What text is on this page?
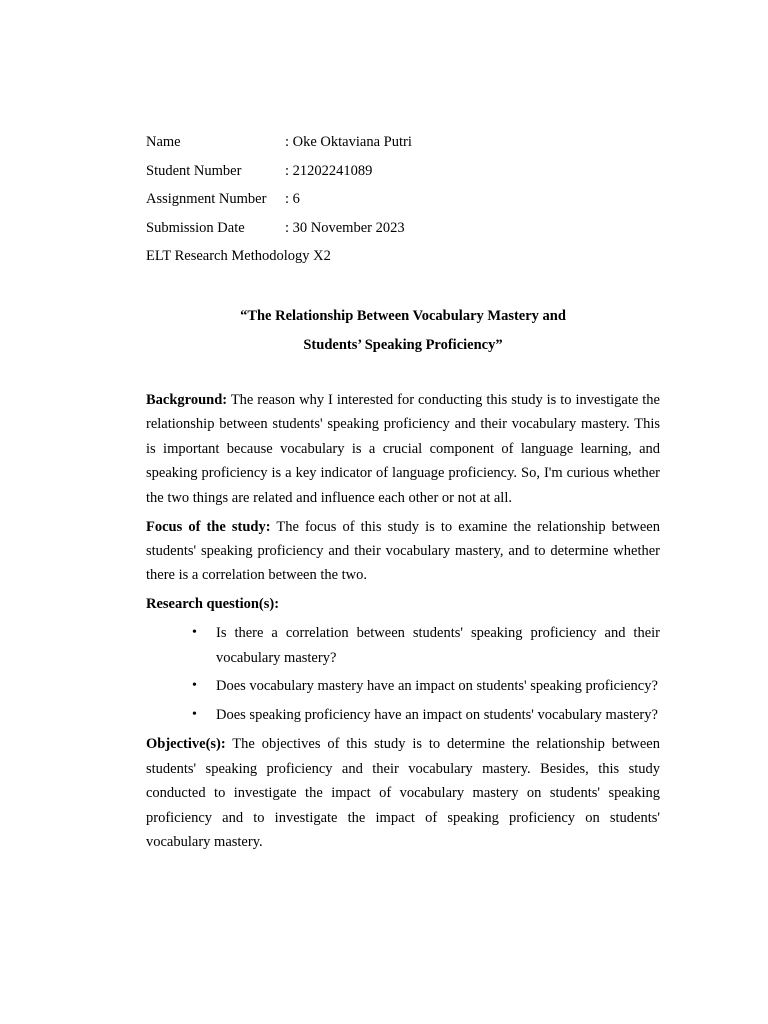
Name	: Oke Oktaviana Putri
Student Number	: 21202241089
Assignment Number	: 6
Submission Date	: 30 November 2023
ELT Research Methodology X2
“The Relationship Between Vocabulary Mastery and
Students’ Speaking Proficiency”

Background: The reason why I interested for conducting this study is to investigate the relationship between students' speaking proficiency and their vocabulary mastery. This is important because vocabulary is a crucial component of language learning, and speaking proficiency is a key indicator of language proficiency. So, I'm curious whether the two things are related and influence each other or not at all.

Focus of the study: The focus of this study is to examine the relationship between students' speaking proficiency and their vocabulary mastery, and to determine whether there is a correlation between the two.

Research question(s):
• Is there a correlation between students' speaking proficiency and their vocabulary mastery?
• Does vocabulary mastery have an impact on students' speaking proficiency?
• Does speaking proficiency have an impact on students' vocabulary mastery?

Objective(s): The objectives of this study is to determine the relationship between students' speaking proficiency and their vocabulary mastery. Besides, this study conducted to investigate the impact of vocabulary mastery on students' speaking proficiency and to investigate the impact of speaking proficiency on students' vocabulary mastery.
